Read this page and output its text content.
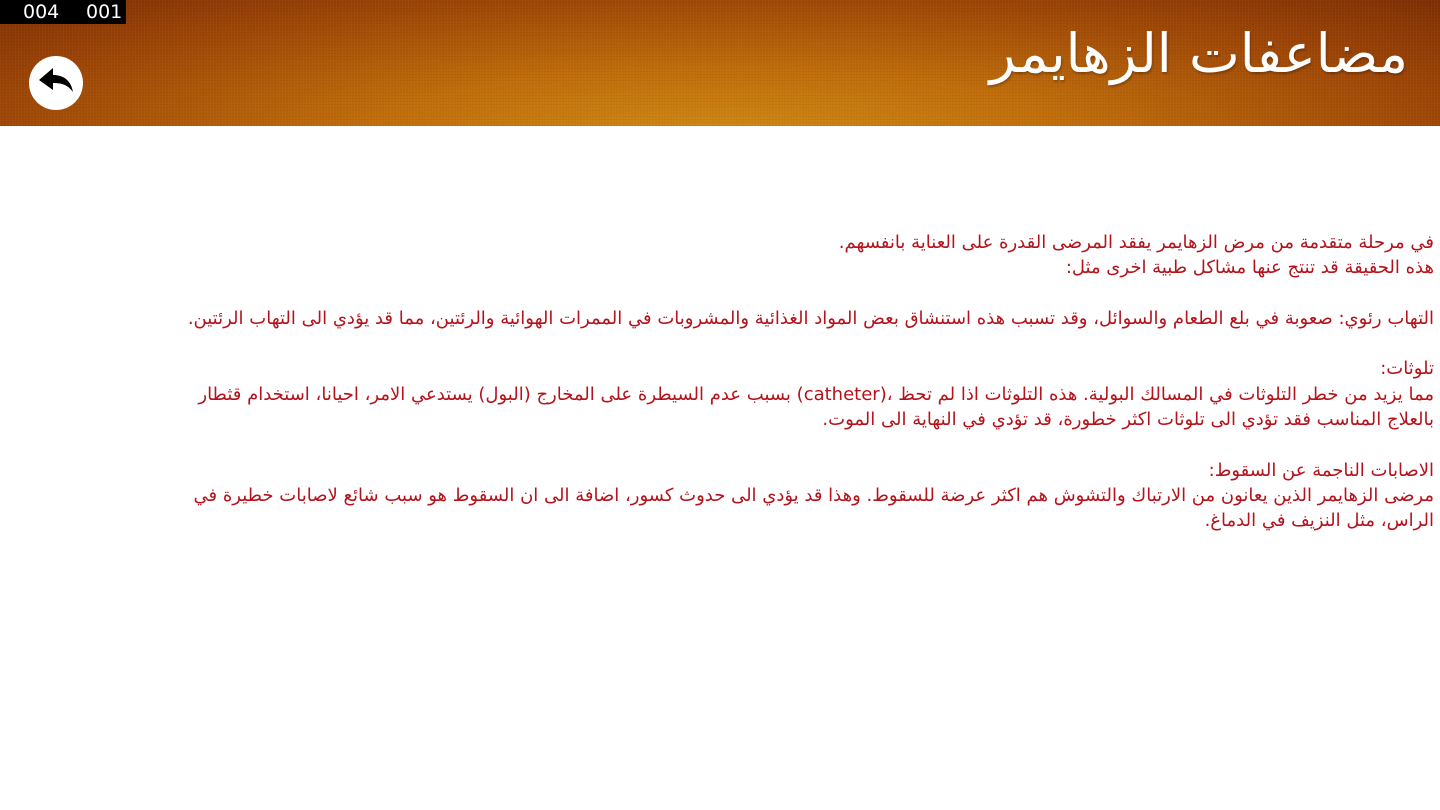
004 001
مضاعفات الزهايمر

في مرحلة متقدمة من مرض الزهايمر يفقد المرضى القدرة على العناية بانفسهم.
هذه الحقيقة قد تنتج عنها مشاكل طبية اخرى مثل:

التهاب رئوي: صعوبة في بلع الطعام والسوائل، وقد تسبب هذه استنشاق بعض المواد الغذائية والمشروبات في الممرات الهوائية والرئتين، مما قد يؤدي الى التهاب الرئتين.

تلوثات:
مما يزيد من خطر التلوثات في المسالك البولية. هذه التلوثات اذا لم تحظ ،(catheter) بسبب عدم السيطرة على المخارج (البول) يستدعي الامر، احيانا، استخدام قثطار
بالعلاج المناسب فقد تؤدي الى تلوثات اكثر خطورة، قد تؤدي في النهاية الى الموت.

الاصابات الناجمة عن السقوط:
مرضى الزهايمر الذين يعانون من الارتباك والتشوش هم اكثر عرضة للسقوط. وهذا قد يؤدي الى حدوث كسور، اضافة الى ان السقوط هو سبب شائع لاصابات خطيرة في
الراس، مثل النزيف في الدماغ.
